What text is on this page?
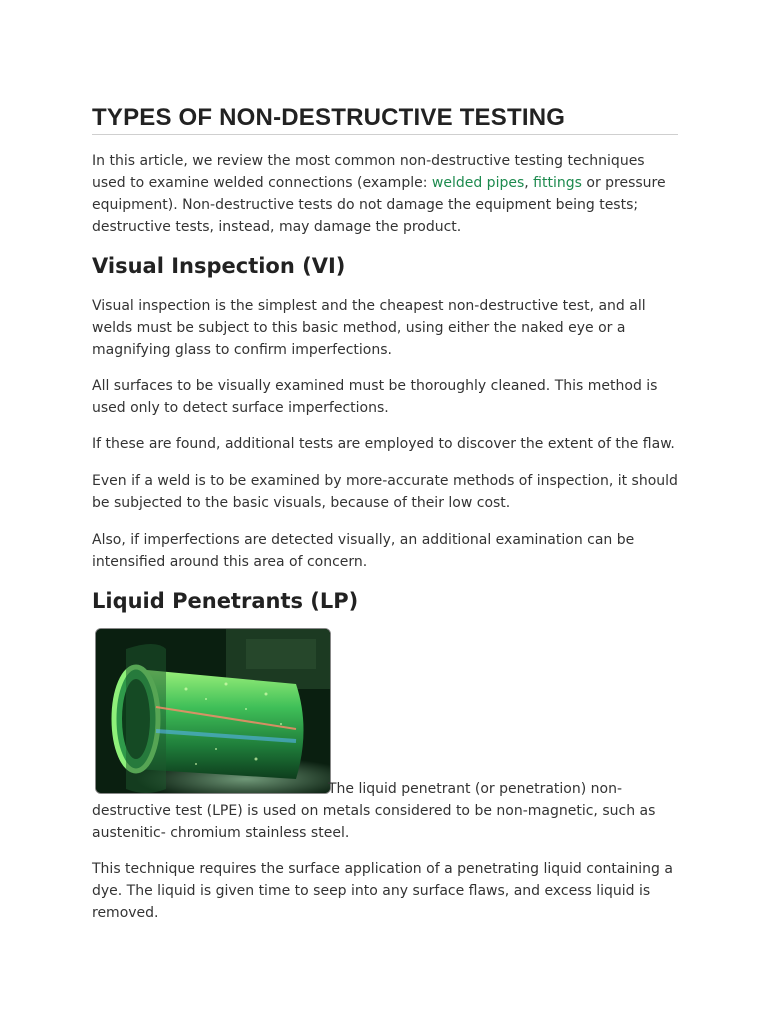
TYPES OF NON-DESTRUCTIVE TESTING

In this article, we review the most common non-destructive testing techniques used to examine welded connections (example: welded pipes, fittings or pressure equipment). Non-destructive tests do not damage the equipment being tests; destructive tests, instead, may damage the product.

Visual Inspection (VI)

Visual inspection is the simplest and the cheapest non-destructive test, and all welds must be subject to this basic method, using either the naked eye or a magnifying glass to confirm imperfections.

All surfaces to be visually examined must be thoroughly cleaned. This method is used only to detect surface imperfections.

If these are found, additional tests are employed to discover the extent of the flaw.

Even if a weld is to be examined by more-accurate methods of inspection, it should be subjected to the basic visuals, because of their low cost.

Also, if imperfections are detected visually, an additional examination can be intensified around this area of concern.

Liquid Penetrants (LP)

The liquid penetrant (or penetration) non-destructive test (LPE) is used on metals considered to be non-magnetic, such as austenitic- chromium stainless steel.

This technique requires the surface application of a penetrating liquid containing a dye. The liquid is given time to seep into any surface flaws, and excess liquid is removed.
